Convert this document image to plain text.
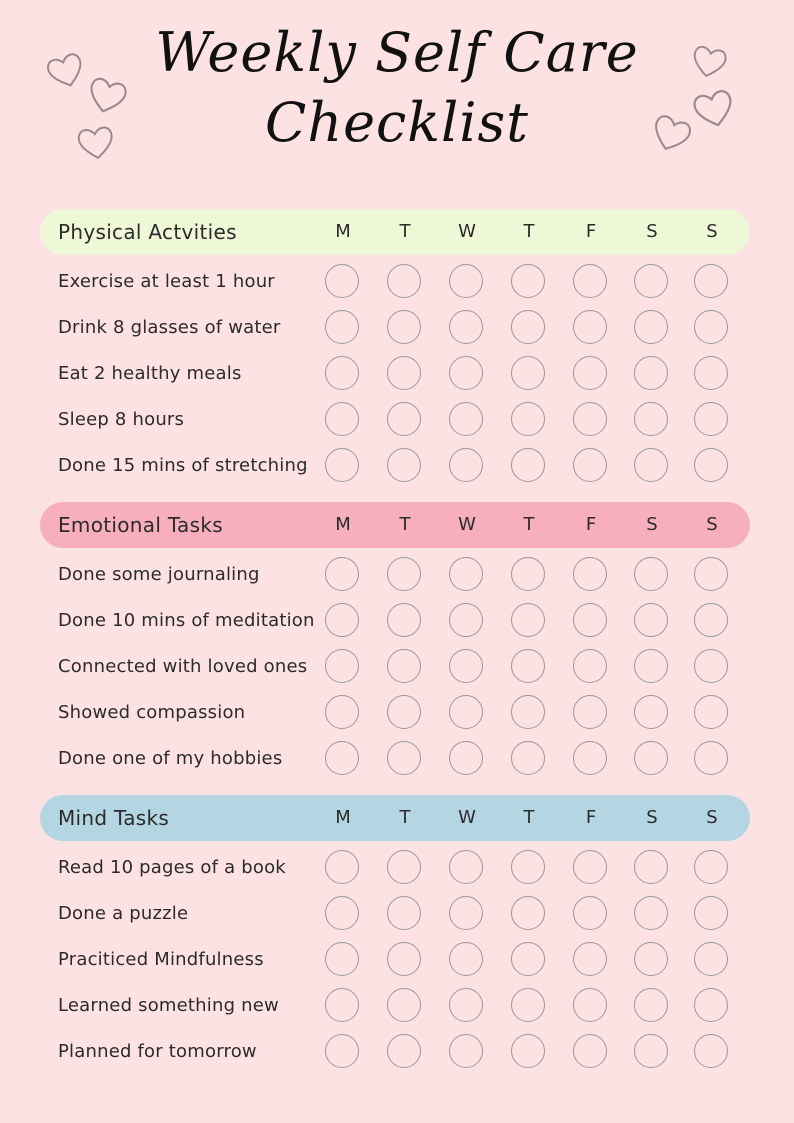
Weekly Self Care
Checklist
Physical Actvities	M	T	W	T	F	S	S
Exercise at least 1 hour
Drink 8 glasses of water
Eat 2 healthy meals
Sleep 8 hours
Done 15 mins of stretching
Emotional Tasks	M	T	W	T	F	S	S
Done some journaling
Done 10 mins of meditation
Connected with loved ones
Showed compassion
Done one of my hobbies
Mind Tasks	M	T	W	T	F	S	S
Read 10 pages of a book
Done a puzzle
Praciticed Mindfulness
Learned something new
Planned for tomorrow
